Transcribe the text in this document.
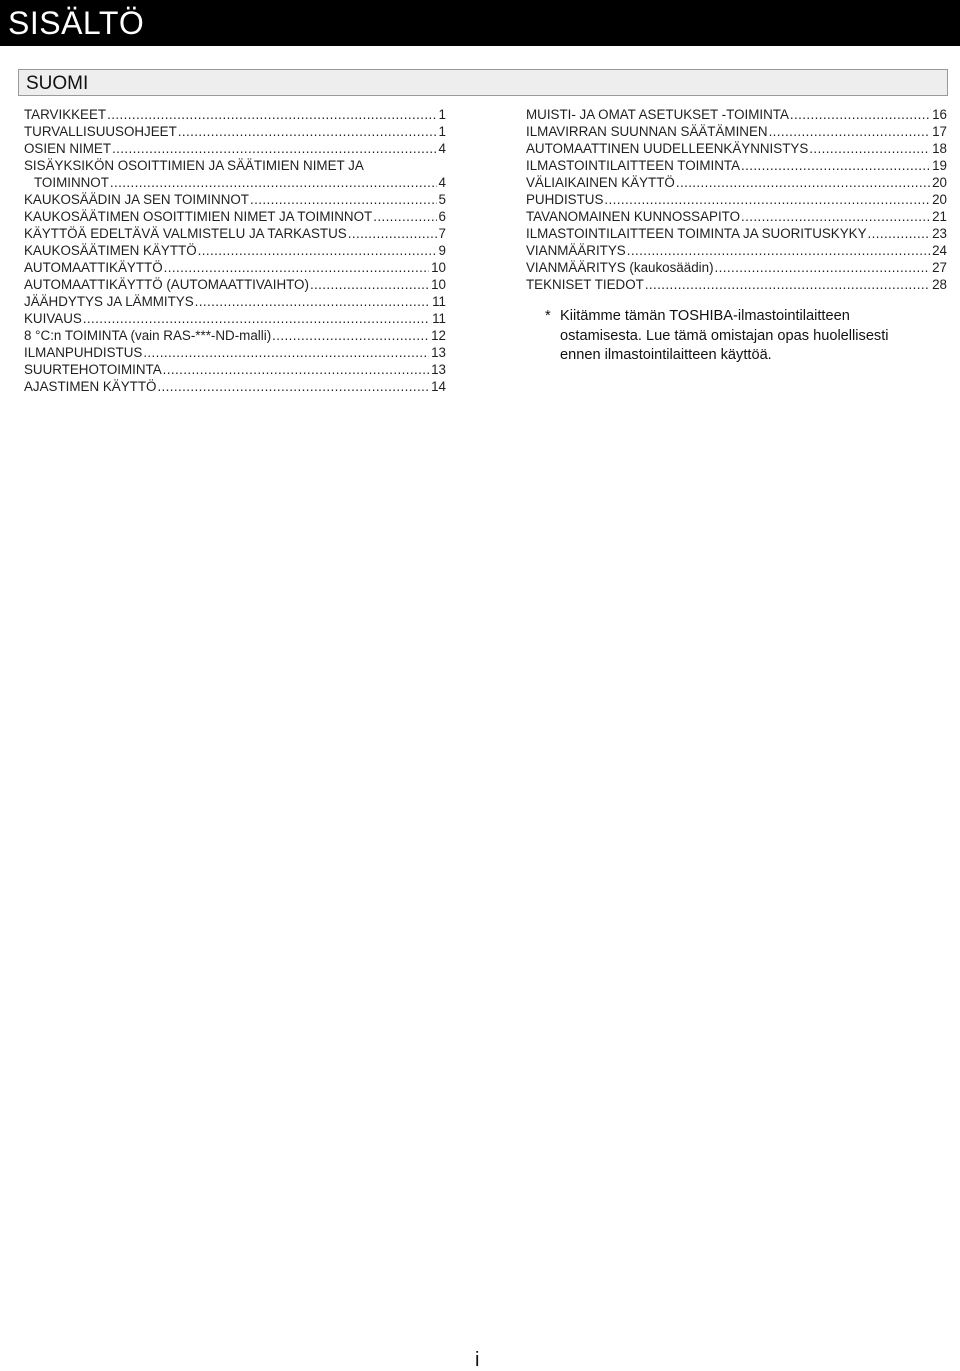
SISÄLTÖ
SUOMI
TARVIKKEET .....	1
TURVALLISUUSOHJEET .....	1
OSIEN NIMET .....	4
SISÄYKSIKÖN OSOITTIMIEN JA SÄÄTIMIEN NIMET JA
TOIMINNOT .....	4
KAUKOSÄÄDIN JA SEN TOIMINNOT .....	5
KAUKOSÄÄTIMEN OSOITTIMIEN NIMET JA TOIMINNOT .....	6
KÄYTTÖÄ EDELTÄVÄ VALMISTELU JA TARKASTUS .....	7
KAUKOSÄÄTIMEN KÄYTTÖ .....	9
AUTOMAATTIKÄYTTÖ .....	10
AUTOMAATTIKÄYTTÖ (AUTOMAATTIVAIHTO) .....	10
JÄÄHDYTYS JA LÄMMITYS .....	11
KUIVAUS .....	11
8 °C:n TOIMINTA (vain RAS-***-ND-malli) .....	12
ILMANPUHDISTUS .....	13
SUURTEHOTOIMINTA .....	13
AJASTIMEN KÄYTTÖ .....	14
MUISTI- JA OMAT ASETUKSET -TOIMINTA .....	16
ILMAVIRRAN SUUNNAN SÄÄTÄMINEN .....	17
AUTOMAATTINEN UUDELLEENKÄYNNISTYS .....	18
ILMASTOINTILAITTEEN TOIMINTA .....	19
VÄLIAIKAINEN KÄYTTÖ .....	20
PUHDISTUS .....	20
TAVANOMAINEN KUNNOSSAPITO .....	21
ILMASTOINTILAITTEEN TOIMINTA JA SUORITUSKYKY .....	23
VIANMÄÄRITYS .....	24
VIANMÄÄRITYS (kaukosäädin) .....	27
TEKNISET TIEDOT .....	28
* Kiitämme tämän TOSHIBA-ilmastointilaitteen ostamisesta. Lue tämä omistajan opas huolellisesti ennen ilmastointilaitteen käyttöä.
i
